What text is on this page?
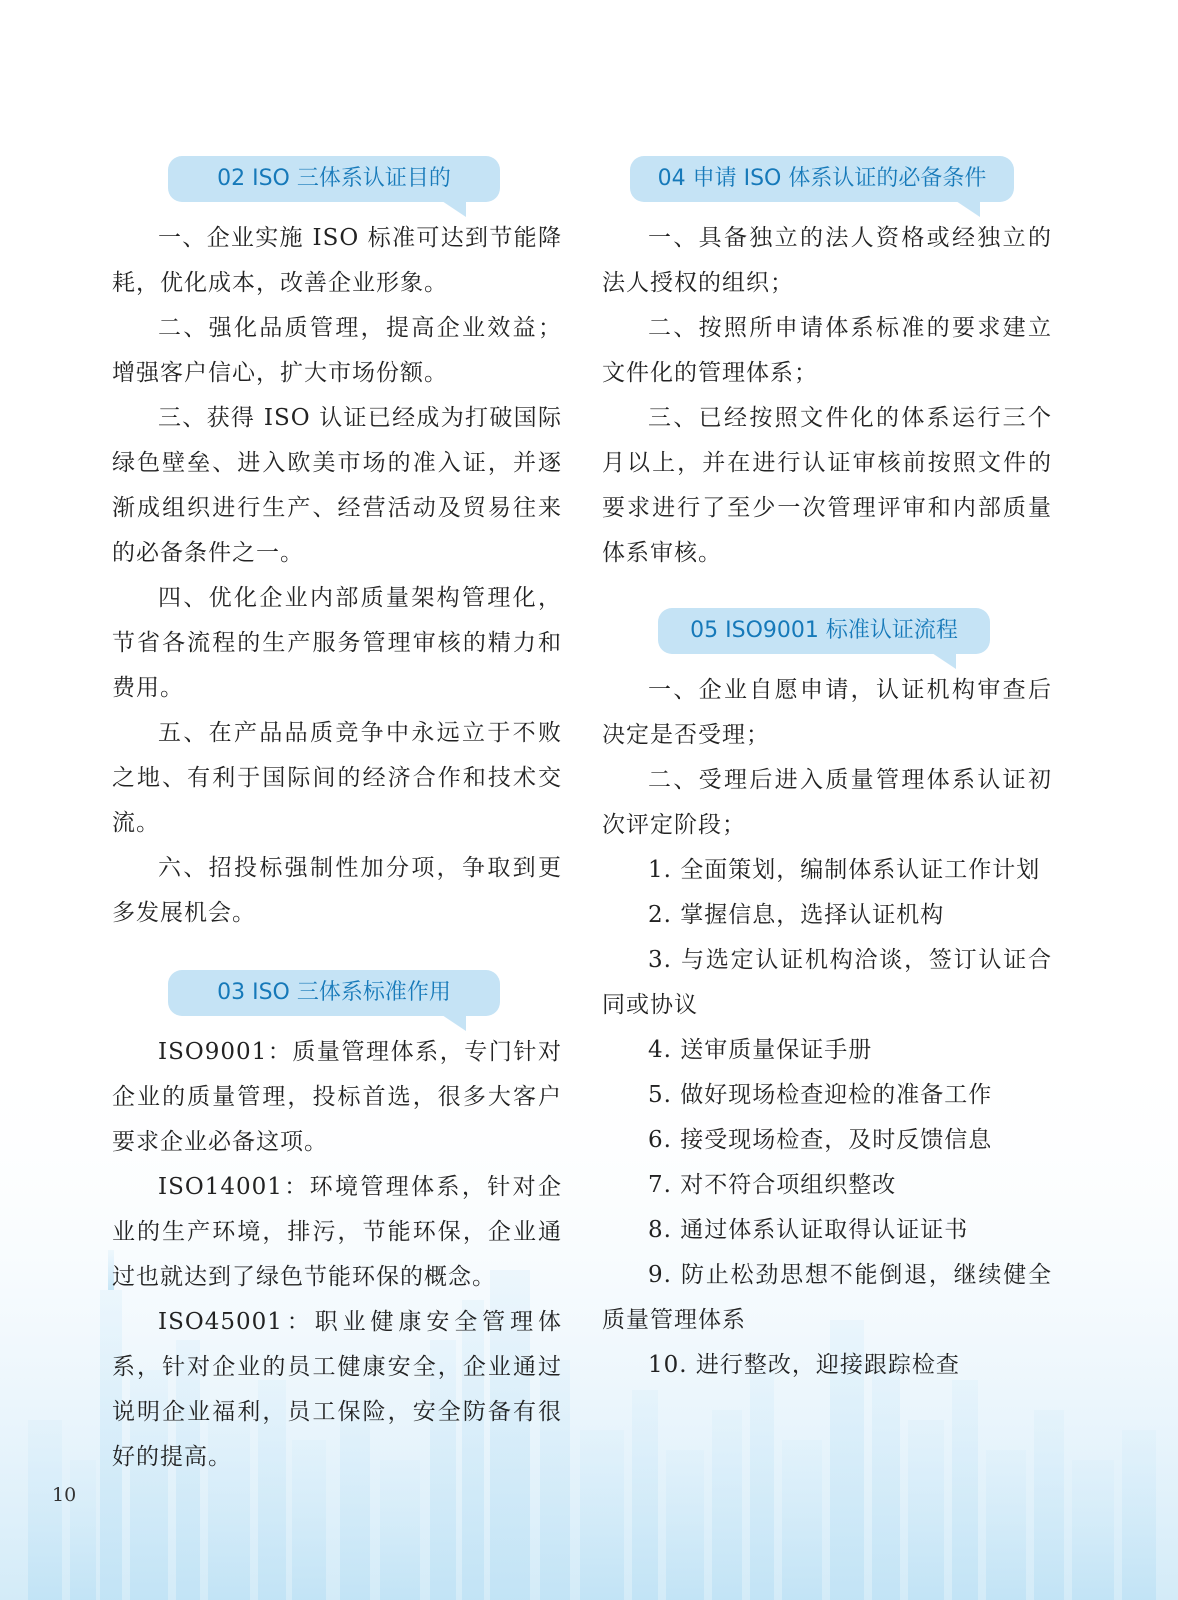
02 ISO 三体系认证目的

一、企业实施 ISO 标准可达到节能降耗，优化成本，改善企业形象。

二、强化品质管理，提高企业效益；增强客户信心，扩大市场份额。

三、获得 ISO 认证已经成为打破国际绿色壁垒、进入欧美市场的准入证，并逐渐成组织进行生产、经营活动及贸易往来的必备条件之一。

四、优化企业内部质量架构管理化，节省各流程的生产服务管理审核的精力和费用。

五、在产品品质竞争中永远立于不败之地、有利于国际间的经济合作和技术交流。

六、招投标强制性加分项，争取到更多发展机会。

03 ISO 三体系标准作用

ISO9001：质量管理体系，专门针对企业的质量管理，投标首选，很多大客户要求企业必备这项。

ISO14001：环境管理体系，针对企业的生产环境，排污，节能环保，企业通过也就达到了绿色节能环保的概念。

ISO45001：职业健康安全管理体系，针对企业的员工健康安全，企业通过说明企业福利，员工保险，安全防备有很好的提高。

04 申请 ISO 体系认证的必备条件

一、具备独立的法人资格或经独立的法人授权的组织；

二、按照所申请体系标准的要求建立文件化的管理体系；

三、已经按照文件化的体系运行三个月以上，并在进行认证审核前按照文件的要求进行了至少一次管理评审和内部质量体系审核。

05 ISO9001 标准认证流程

一、企业自愿申请，认证机构审查后决定是否受理；

二、受理后进入质量管理体系认证初次评定阶段；

1. 全面策划，编制体系认证工作计划

2. 掌握信息，选择认证机构

3. 与选定认证机构洽谈，签订认证合同或协议

4. 送审质量保证手册

5. 做好现场检查迎检的准备工作

6. 接受现场检查，及时反馈信息

7. 对不符合项组织整改

8. 通过体系认证取得认证证书

9. 防止松劲思想不能倒退，继续健全质量管理体系

10. 进行整改，迎接跟踪检查

10
